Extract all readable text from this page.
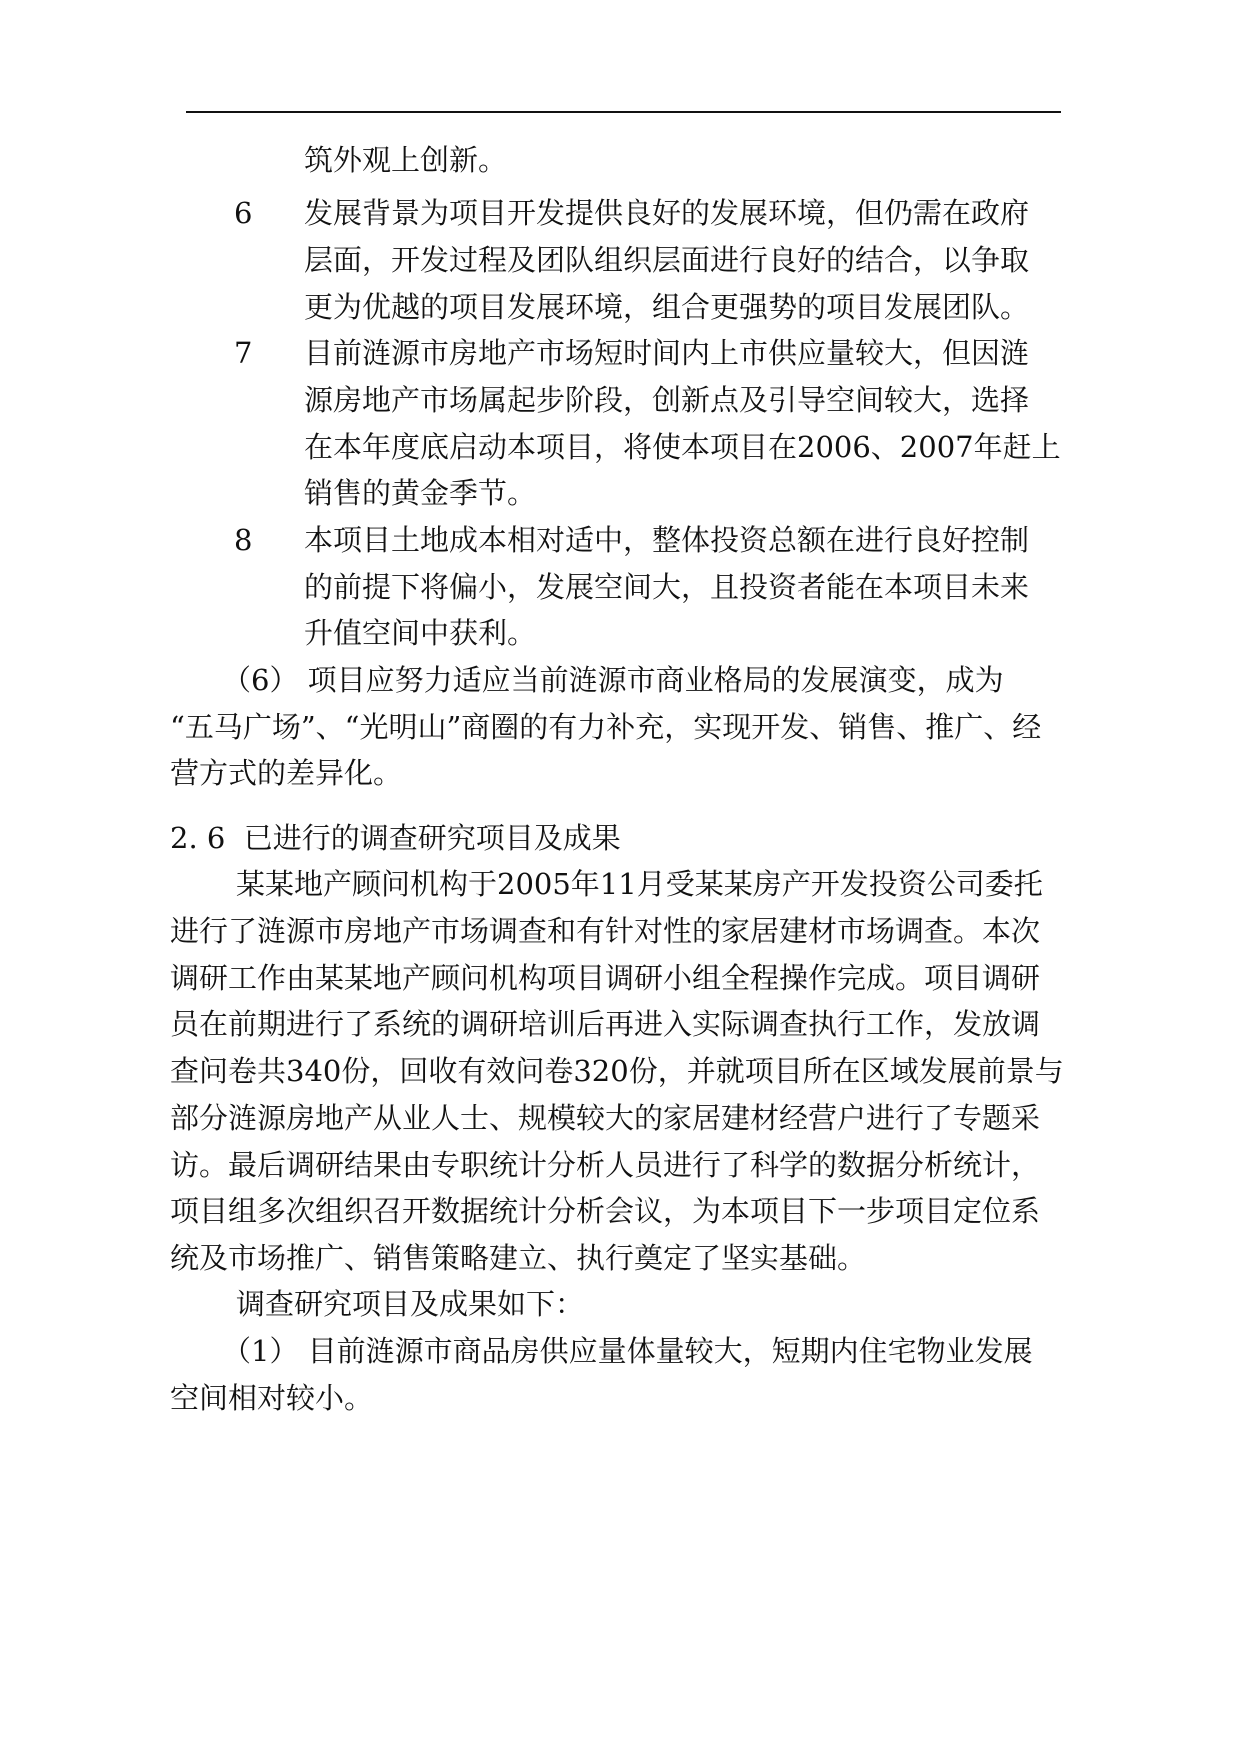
筑外观上创新。
6 发展背景为项目开发提供良好的发展环境，但仍需在政府
层面，开发过程及团队组织层面进行良好的结合，以争取
更为优越的项目发展环境，组合更强势的项目发展团队。
7 目前涟源市房地产市场短时间内上市供应量较大，但因涟
源房地产市场属起步阶段，创新点及引导空间较大，选择
在本年度底启动本项目，将使本项目在2006、2007年赶上
销售的黄金季节。
8 本项目土地成本相对适中，整体投资总额在进行良好控制
的前提下将偏小，发展空间大，且投资者能在本项目未来
升值空间中获利。
（6） 项目应努力适应当前涟源市商业格局的发展演变，成为
“五马广场”、“光明山”商圈的有力补充，实现开发、销售、推广、经
营方式的差异化。
2. 6  已进行的调查研究项目及成果
某某地产顾问机构于2005年11月受某某房产开发投资公司委托
进行了涟源市房地产市场调查和有针对性的家居建材市场调查。本次
调研工作由某某地产顾问机构项目调研小组全程操作完成。项目调研
员在前期进行了系统的调研培训后再进入实际调查执行工作，发放调
查问卷共340份，回收有效问卷320份，并就项目所在区域发展前景与
部分涟源房地产从业人士、规模较大的家居建材经营户进行了专题采
访。最后调研结果由专职统计分析人员进行了科学的数据分析统计，
项目组多次组织召开数据统计分析会议，为本项目下一步项目定位系
统及市场推广、销售策略建立、执行奠定了坚实基础。
调查研究项目及成果如下：
（1） 目前涟源市商品房供应量体量较大，短期内住宅物业发展
空间相对较小。
